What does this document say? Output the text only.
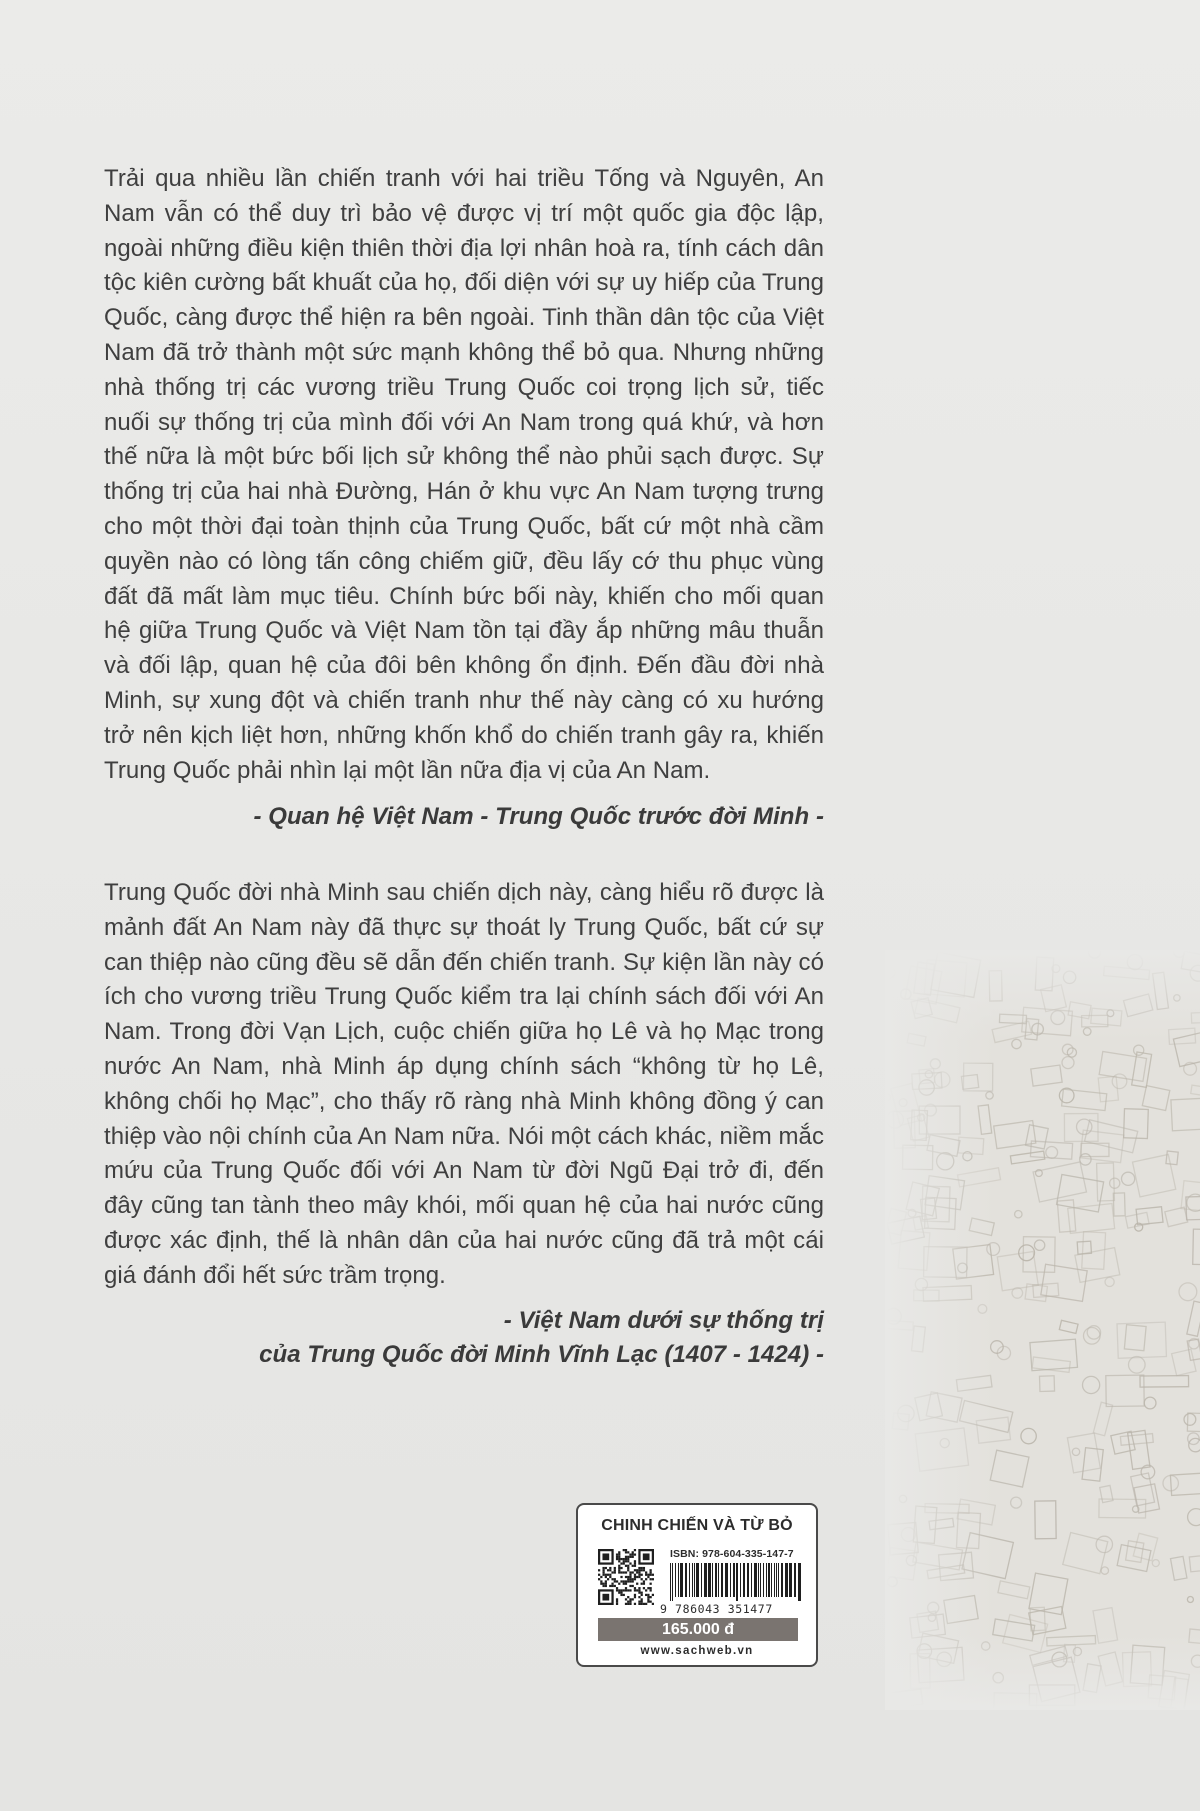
Trải qua nhiều lần chiến tranh với hai triều Tống và Nguyên, An Nam vẫn có thể duy trì bảo vệ được vị trí một quốc gia độc lập, ngoài những điều kiện thiên thời địa lợi nhân hoà ra, tính cách dân tộc kiên cường bất khuất của họ, đối diện với sự uy hiếp của Trung Quốc, càng được thể hiện ra bên ngoài. Tinh thần dân tộc của Việt Nam đã trở thành một sức mạnh không thể bỏ qua. Nhưng những nhà thống trị các vương triều Trung Quốc coi trọng lịch sử, tiếc nuối sự thống trị của mình đối với An Nam trong quá khứ, và hơn thế nữa là một bức bối lịch sử không thể nào phủi sạch được. Sự thống trị của hai nhà Đường, Hán ở khu vực An Nam tượng trưng cho một thời đại toàn thịnh của Trung Quốc, bất cứ một nhà cầm quyền nào có lòng tấn công chiếm giữ, đều lấy cớ thu phục vùng đất đã mất làm mục tiêu. Chính bức bối này, khiến cho mối quan hệ giữa Trung Quốc và Việt Nam tồn tại đầy ắp những mâu thuẫn và đối lập, quan hệ của đôi bên không ổn định. Đến đầu đời nhà Minh, sự xung đột và chiến tranh như thế này càng có xu hướng trở nên kịch liệt hơn, những khốn khổ do chiến tranh gây ra, khiến Trung Quốc phải nhìn lại một lần nữa địa vị của An Nam.

- Quan hệ Việt Nam - Trung Quốc trước đời Minh -

Trung Quốc đời nhà Minh sau chiến dịch này, càng hiểu rõ được là mảnh đất An Nam này đã thực sự thoát ly Trung Quốc, bất cứ sự can thiệp nào cũng đều sẽ dẫn đến chiến tranh. Sự kiện lần này có ích cho vương triều Trung Quốc kiểm tra lại chính sách đối với An Nam. Trong đời Vạn Lịch, cuộc chiến giữa họ Lê và họ Mạc trong nước An Nam, nhà Minh áp dụng chính sách “không từ họ Lê, không chối họ Mạc”, cho thấy rõ ràng nhà Minh không đồng ý can thiệp vào nội chính của An Nam nữa. Nói một cách khác, niềm mắc mứu của Trung Quốc đối với An Nam từ đời Ngũ Đại trở đi, đến đây cũng tan tành theo mây khói, mối quan hệ của hai nước cũng được xác định, thế là nhân dân của hai nước cũng đã trả một cái giá đánh đổi hết sức trầm trọng.

- Việt Nam dưới sự thống trị
của Trung Quốc đời Minh Vĩnh Lạc (1407 - 1424) -

CHINH CHIẾN VÀ TỪ BỎ
ISBN: 978-604-335-147-7
9 786043 351477
165.000 đ
www.sachweb.vn
